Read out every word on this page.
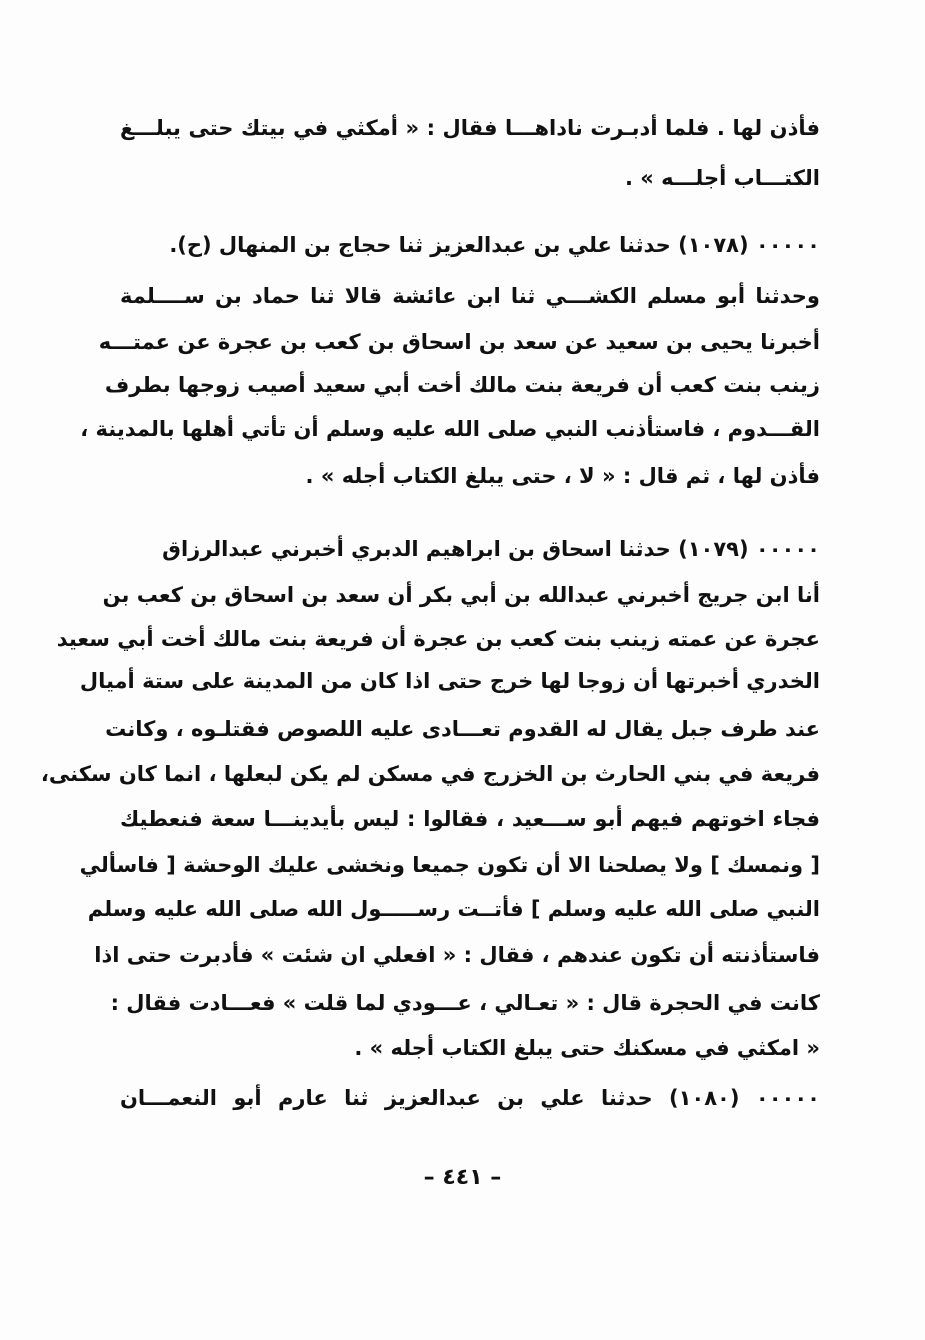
فأذن لها . فلما أدبـرت ناداهـــا فقال : « أمكثي في بيتك حتى يبلـــغ
الكتـــاب أجلـــه » .
٠٠٠٠٠ (١٠٧٨) حدثنا علي بن عبدالعزيز ثنا حجاج بن المنهال (ح).
وحدثنا أبو مسلم الكشـــي ثنا ابن عائشة قالا ثنا حماد بن ســــلمة
أخبرنا يحيى بن سعيد عن سعد بن اسحاق بن كعب بن عجرة عن عمتـــه
زينب بنت كعب أن فريعة بنت مالك أخت أبي سعيد أصيب زوجها بطرف
القـــدوم ، فاستأذنب النبي صلى الله عليه وسلم أن تأتي أهلها بالمدينة ،
فأذن لها ، ثم قال : « لا ، حتى يبلغ الكتاب أجله » .
٠٠٠٠٠ (١٠٧٩) حدثنا اسحاق بن ابراهيم الدبري أخبرني عبدالرزاق
أنا ابن جريج أخبرني عبدالله بن أبي بكر أن سعد بن اسحاق بن كعب بن
عجرة عن عمته زينب بنت كعب بن عجرة أن فريعة بنت مالك أخت أبي سعيد
الخدري أخبرتها أن زوجا لها خرج حتى اذا كان من المدينة على ستة أميال
عند طرف جبل يقال له القدوم تعـــادى عليه اللصوص فقتلـوه ، وكانت
فريعة في بني الحارث بن الخزرج في مسكن لم يكن لبعلها ، انما كان سكنى،
فجاء اخوتهم فيهم أبو ســـعيد ، فقالوا : ليس بأيدينـــا سعة فنعطيك
[ ونمسك ] ولا يصلحنا الا أن تكون جميعا ونخشى عليك الوحشة [ فاسألي
النبي صلى الله عليه وسلم ] فأتــت رســـــول الله صلى الله عليه وسلم
فاستأذنته أن تكون عندهم ، فقال : « افعلي ان شئت » فأدبرت حتى اذا
كانت في الحجرة قال : « تعـالي ، عـــودي لما قلت » فعـــادت فقال :
« امكثي في مسكنك حتى يبلغ الكتاب أجله » .
٠٠٠٠٠ (١٠٨٠) حدثنا علي بن عبدالعزيز ثنا عارم أبو النعمـــان
– ٤٤١ –
